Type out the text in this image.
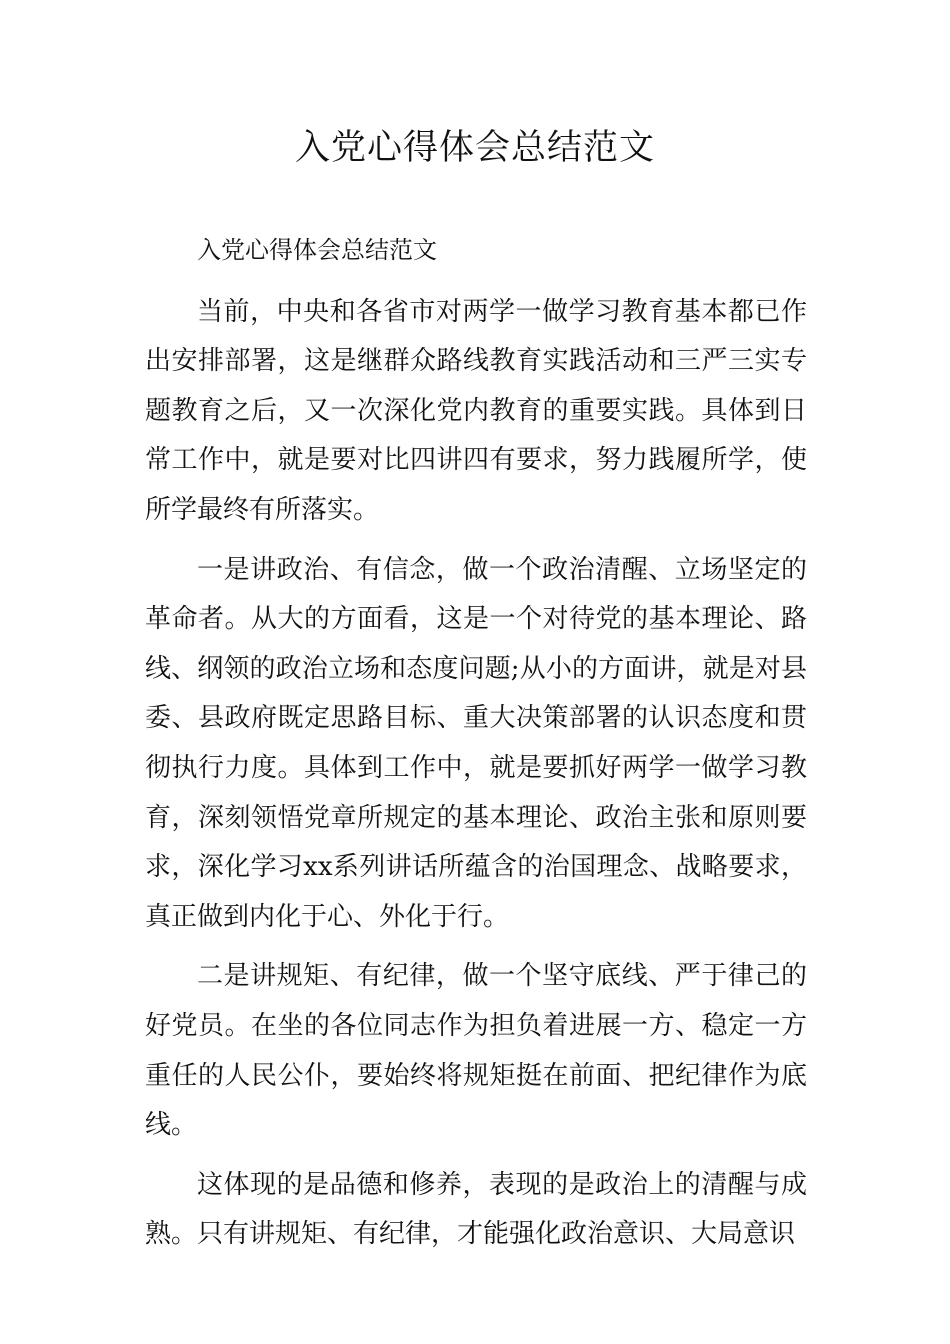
入党心得体会总结范文

入党心得体会总结范文

当前，中央和各省市对两学一做学习教育基本都已作出安排部署，这是继群众路线教育实践活动和三严三实专题教育之后，又一次深化党内教育的重要实践。具体到日常工作中，就是要对比四讲四有要求，努力践履所学，使所学最终有所落实。

一是讲政治、有信念，做一个政治清醒、立场坚定的革命者。从大的方面看，这是一个对待党的基本理论、路线、纲领的政治立场和态度问题;从小的方面讲，就是对县委、县政府既定思路目标、重大决策部署的认识态度和贯彻执行力度。具体到工作中，就是要抓好两学一做学习教育，深刻领悟党章所规定的基本理论、政治主张和原则要求，深化学习xx系列讲话所蕴含的治国理念、战略要求，真正做到内化于心、外化于行。

二是讲规矩、有纪律，做一个坚守底线、严于律己的好党员。在坐的各位同志作为担负着进展一方、稳定一方重任的人民公仆，要始终将规矩挺在前面、把纪律作为底线。

这体现的是品德和修养，表现的是政治上的清醒与成熟。只有讲规矩、有纪律，才能强化政治意识、大局意识
